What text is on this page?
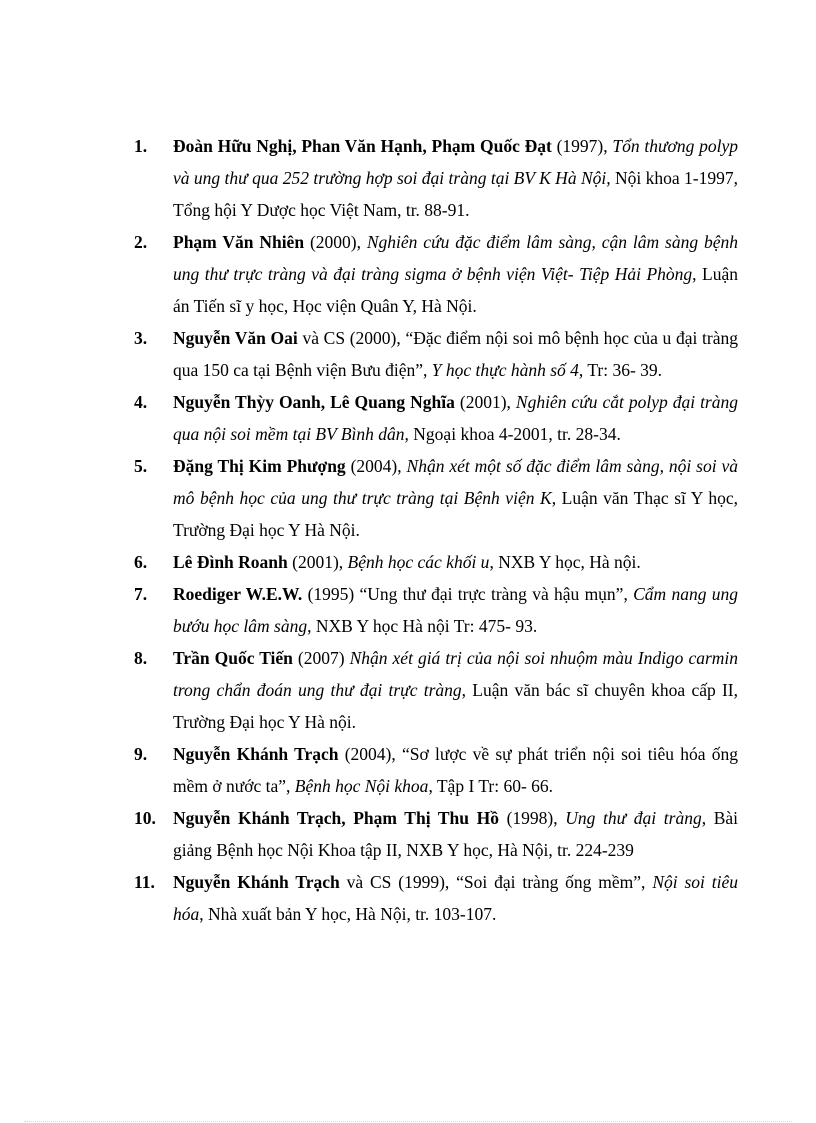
1. Đoàn Hữu Nghị, Phan Văn Hạnh, Phạm Quốc Đạt (1997), Tổn thương polyp và ung thư qua 252 trường hợp soi đại tràng tại BV K Hà Nội, Nội khoa 1-1997, Tổng hội Y Dược học Việt Nam, tr. 88-91.
2. Phạm Văn Nhiên (2000), Nghiên cứu đặc điểm lâm sàng, cận lâm sàng bệnh ung thư trực tràng và đại tràng sigma ở bệnh viện Việt- Tiệp Hải Phòng, Luận án Tiến sĩ y học, Học viện Quân Y, Hà Nội.
3. Nguyễn Văn Oai và CS (2000), “Đặc điểm nội soi mô bệnh học của u đại tràng qua 150 ca tại Bệnh viện Bưu điện”, Y học thực hành số 4, Tr: 36- 39.
4. Nguyễn Thỳy Oanh, Lê Quang Nghĩa (2001), Nghiên cứu cắt polyp đại tràng qua nội soi mềm tại BV Bình dân, Ngoại khoa 4-2001, tr. 28-34.
5. Đặng Thị Kim Phượng (2004), Nhận xét một số đặc điểm lâm sàng, nội soi và mô bệnh học của ung thư trực tràng tại Bệnh viện K, Luận văn Thạc sĩ Y học, Trường Đại học Y Hà Nội.
6. Lê Đình Roanh (2001), Bệnh học các khối u, NXB Y học, Hà nội.
7. Roediger W.E.W. (1995) “Ung thư đại trực tràng và hậu mụn”, Cẩm nang ung bướu học lâm sàng, NXB Y học Hà nội Tr: 475- 93.
8. Trần Quốc Tiến (2007) Nhận xét giá trị của nội soi nhuộm màu Indigo carmin trong chẩn đoán ung thư đại trực tràng, Luận văn bác sĩ chuyên khoa cấp II, Trường Đại học Y Hà nội.
9. Nguyễn Khánh Trạch (2004), “Sơ lược về sự phát triển nội soi tiêu hóa ống mềm ở nước ta”, Bệnh học Nội khoa, Tập I Tr: 60- 66.
10. Nguyễn Khánh Trạch, Phạm Thị Thu Hồ (1998), Ung thư đại tràng, Bài giảng Bệnh học Nội Khoa tập II, NXB Y học, Hà Nội, tr. 224-239
11. Nguyễn Khánh Trạch và CS (1999), “Soi đại tràng ống mềm”, Nội soi tiêu hóa, Nhà xuất bản Y học, Hà Nội, tr. 103-107.
